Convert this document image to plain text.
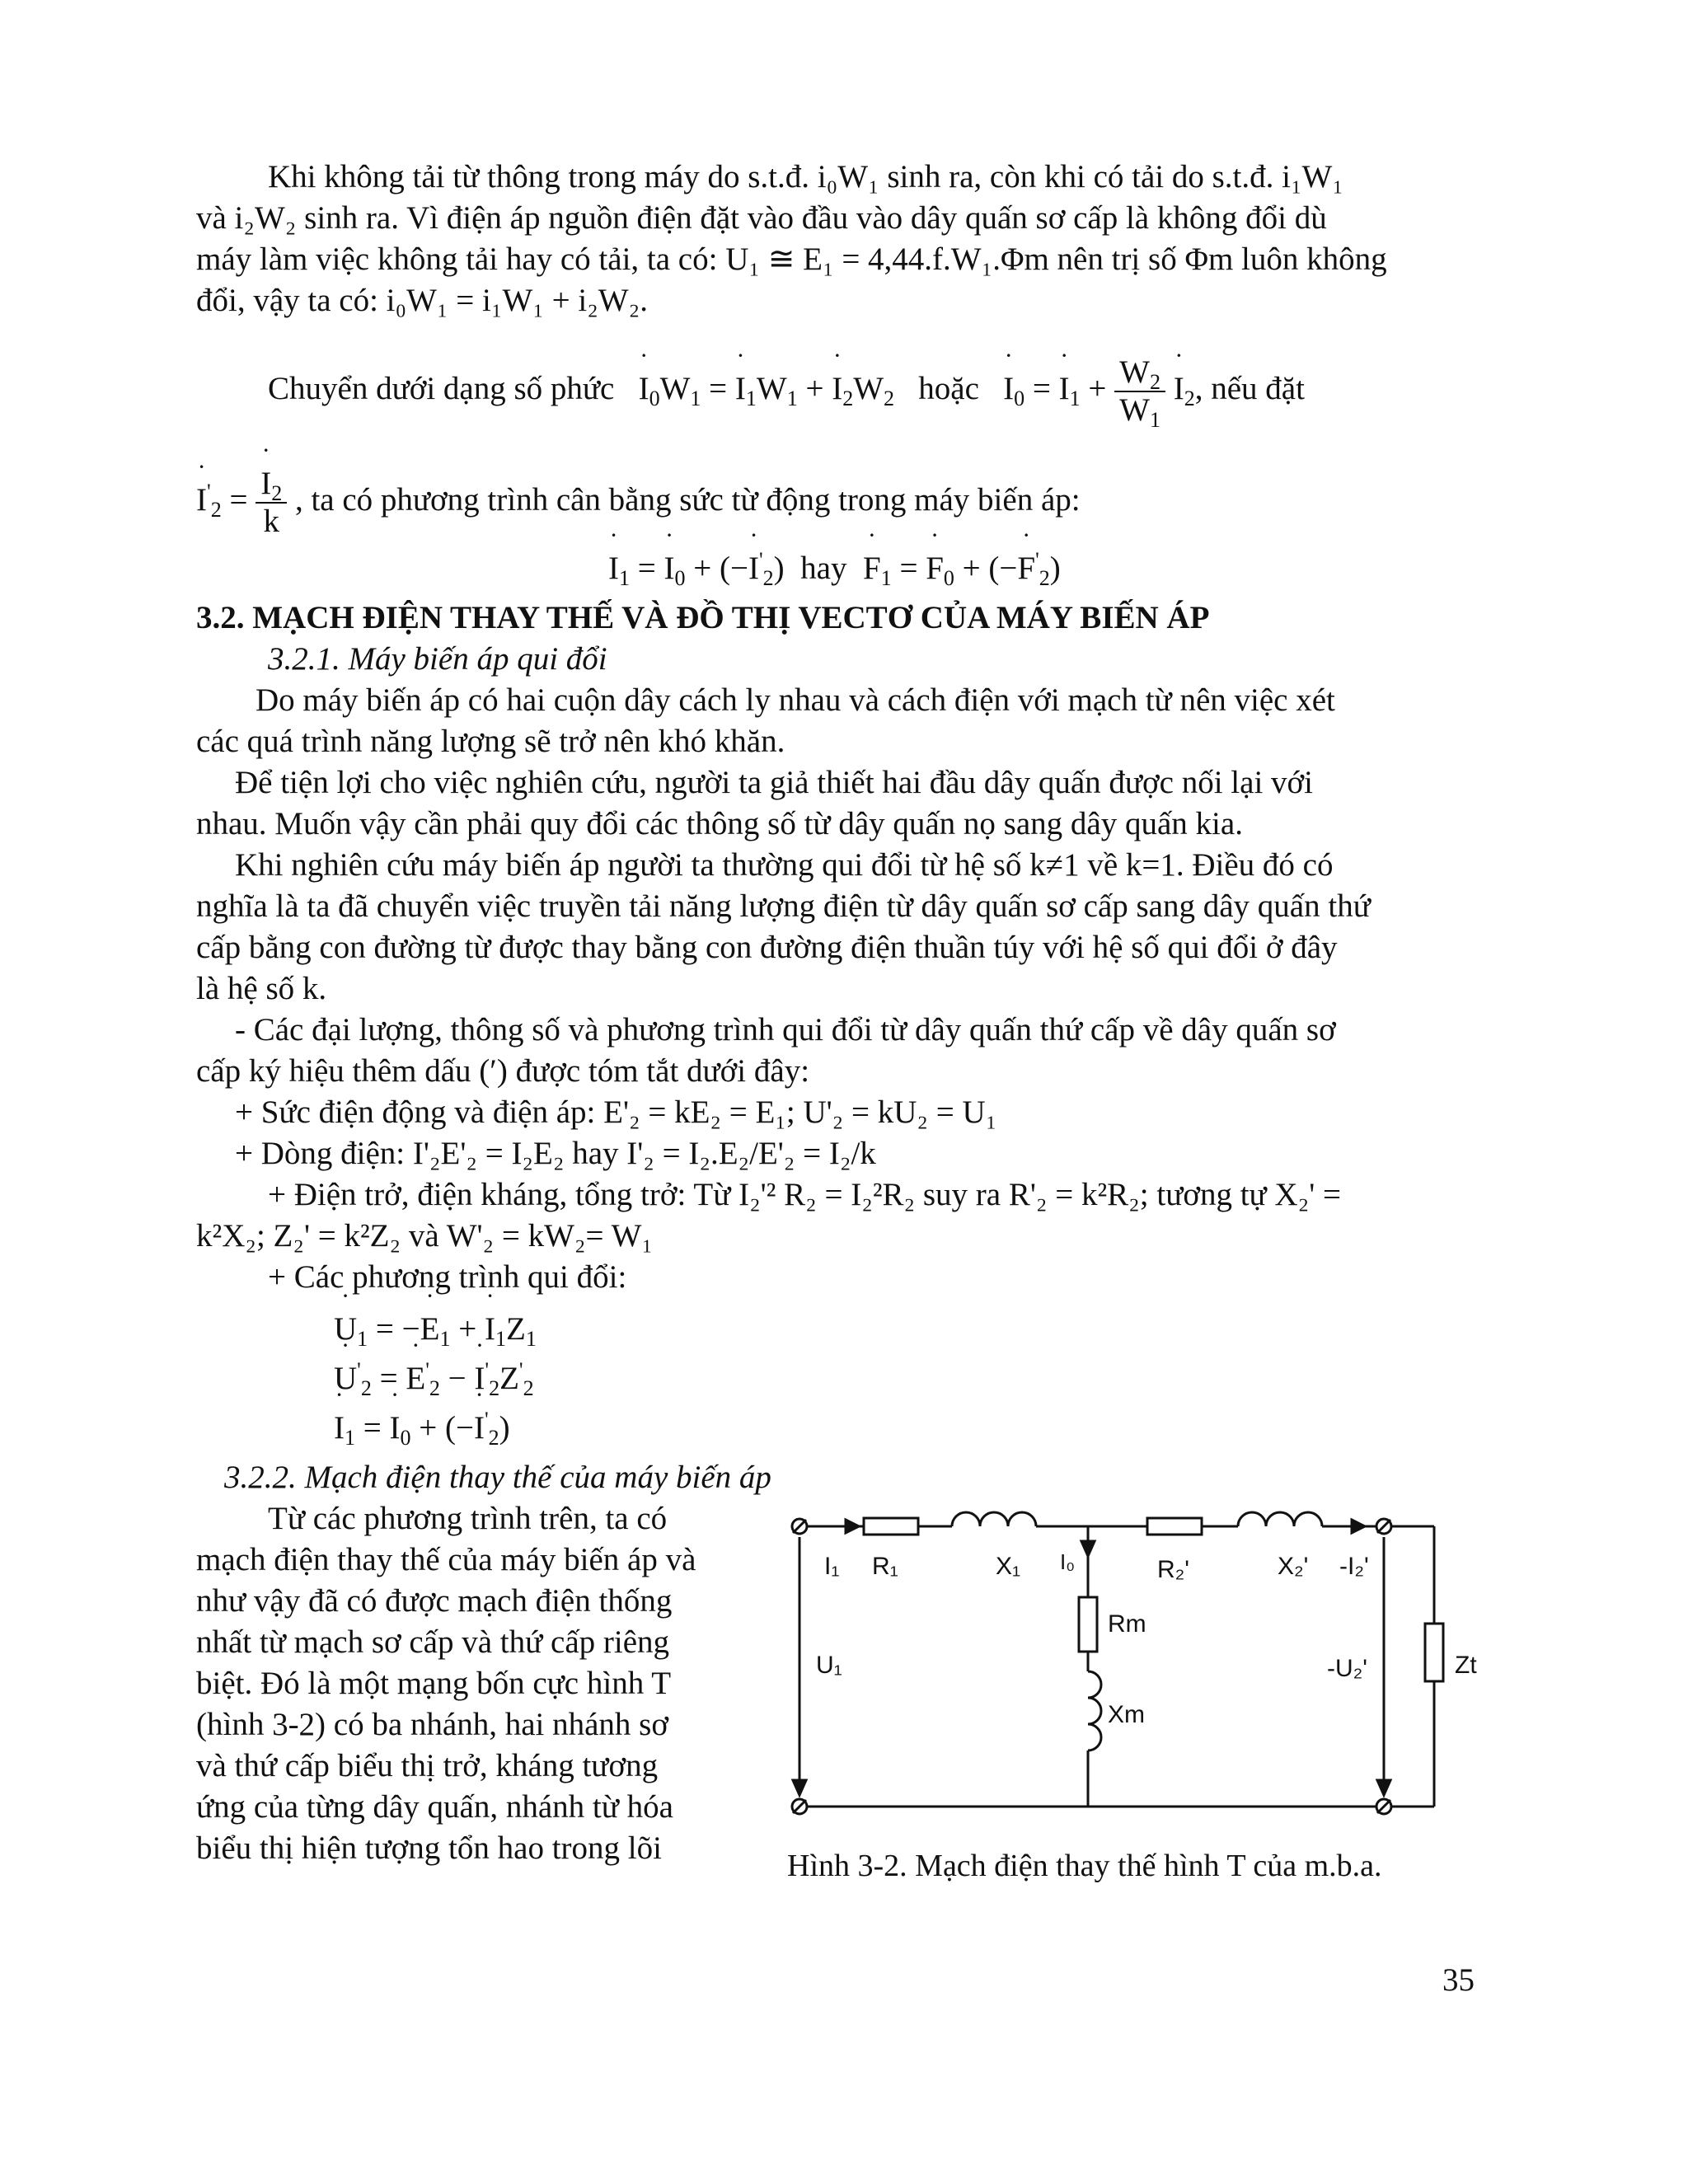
Khi không tải từ thông trong máy do s.t.đ. i₀W₁ sinh ra, còn khi có tải do s.t.đ. i₁W₁
và i₂W₂ sinh ra. Vì điện áp nguồn điện đặt vào đầu vào dây quấn sơ cấp là không đổi dù
máy làm việc không tải hay có tải, ta có: U₁ ≅ E₁ = 4,44.f.W₁.Φm nên trị số Φm luôn không
đổi, vậy ta có: i₀W₁ = i₁W₁ + i₂W₂.
Chuyển dưới dạng số phức ˙ $I_0W_1$ = ˙ $I_1W_1$ + ˙ $I_2W_2$ hoặc ˙ $I_0$ = ˙ $I_1 + \frac{W_2}{W_1}$ ˙ $I_2$, nếu đặt
˙ $I'_2$ = ˙ $\frac{I_2}{k}$ , ta có phương trình cân bằng sức từ động trong máy biến áp:
˙ $I_1$ = ˙ $I_0$ + (−˙ $I'_2$)  hay ˙ $F_1$ = ˙ $F_0$ + (−˙ $F'_2$)
3.2. MẠCH ĐIỆN THAY THẾ VÀ ĐỒ THỊ VECTƠ CỦA MÁY BIẾN ÁP
3.2.1. Máy biến áp qui đổi
Do máy biến áp có hai cuộn dây cách ly nhau và cách điện với mạch từ nên việc xét
các quá trình năng lượng sẽ trở nên khó khăn.
Để tiện lợi cho việc nghiên cứu, người ta giả thiết hai đầu dây quấn được nối lại với
nhau. Muốn vậy cần phải quy đổi các thông số từ dây quấn nọ sang dây quấn kia.
Khi nghiên cứu máy biến áp người ta thường qui đổi từ hệ số k≠1 về k=1. Điều đó có
nghĩa là ta đã chuyển việc truyền tải năng lượng điện từ dây quấn sơ cấp sang dây quấn thứ
cấp bằng con đường từ được thay bằng con đường điện thuần túy với hệ số qui đổi ở đây
là hệ số k.
- Các đại lượng, thông số và phương trình qui đổi từ dây quấn thứ cấp về dây quấn sơ
cấp ký hiệu thêm dấu (′) được tóm tắt dưới đây:
+ Sức điện động và điện áp: E'₂ = kE₂ = E₁; U'₂ = kU₂ = U₁
+ Dòng điện: I'₂E'₂ = I₂E₂ hay I'₂ = I₂.E₂/E'₂ = I₂/k
+ Điện trở, điện kháng, tổng trở: Từ I₂'² R₂ = I₂²R₂ suy ra R'₂ = k²R₂; tương tự X₂' =
k²X₂; Z₂' = k²Z₂ và W'₂ = kW₂= W₁
+ Các phương trình qui đổi:
˙ $U_1$ = −˙ $E_1$ + ˙ $I_1Z_1$
˙ $U'_2$ = ˙ $E'_2$ − ˙ $I'_2Z'_2$
˙ $I_1$ = ˙ $I_0$ + (−˙ $I'_2$)
3.2.2. Mạch điện thay thế của máy biến áp
Từ các phương trình trên, ta có
mạch điện thay thế của máy biến áp và
như vậy đã có được mạch điện thống
nhất từ mạch sơ cấp và thứ cấp riêng
biệt. Đó là một mạng bốn cực hình T
(hình 3-2) có ba nhánh, hai nhánh sơ
và thứ cấp biểu thị trở, kháng tương
ứng của từng dây quấn, nhánh từ hóa
biểu thị hiện tượng tổn hao trong lõi
I₁ R₁	X₁ I₀	R₂'	X₂' -I₂'
Rm
Xm
U₁	-U₂'	Zt
Hình 3-2. Mạch điện thay thế hình T của m.b.a.
35
